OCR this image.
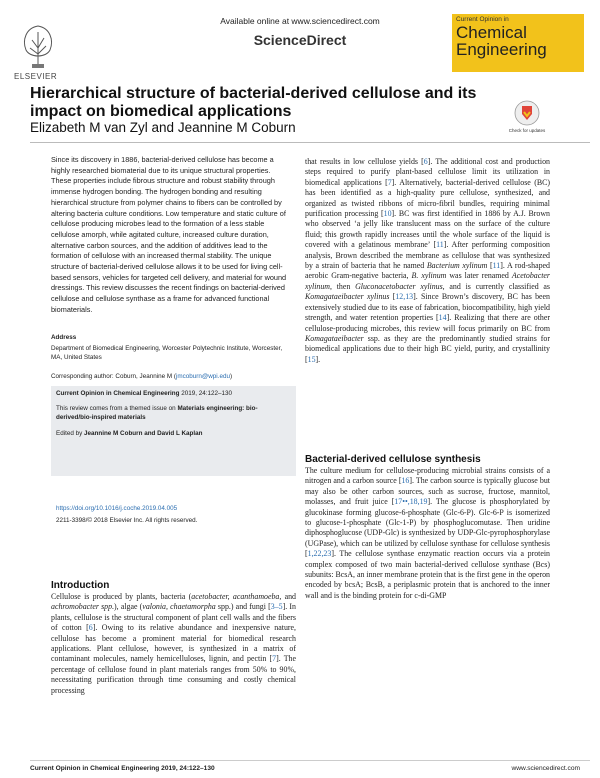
ELSEVIER
Available online at www.sciencedirect.com
ScienceDirect
Current Opinion in
Chemical
Engineering
Hierarchical structure of bacterial-derived cellulose and its impact on biomedical applications
Elizabeth M van Zyl and Jeannine M Coburn	Check for updates
Since its discovery in 1886, bacterial-derived cellulose has become a highly researched biomaterial due to its unique structural properties. These properties include fibrous structure and robust stability through immense hydrogen bonding. The hydrogen bonding and resulting hierarchical structure from polymer chains to fibers can be controlled by altering bacteria culture conditions. Low temperature and static culture of cellulose producing microbes lead to the formation of a less stable cellulose amorph, while agitated culture, increased culture duration, alternative carbon sources, and the addition of additives lead to the formation of cellulose with an increased thermal stability. The unique structure of bacterial-derived cellulose allows it to be used for living cell-based sensors, vehicles for targeted cell delivery, and material for wound dressings. This review discusses the recent findings on bacterial-derived cellulose and cellulose synthase as a frame for advanced functional biomaterials.
Address
Department of Biomedical Engineering, Worcester Polytechnic Institute, Worcester, MA, United States
Corresponding author: Coburn, Jeannine M (jmcoburn@wpi.edu)
Current Opinion in Chemical Engineering 2019, 24:122–130
This review comes from a themed issue on Materials engineering: bio-derived/bio-inspired materials
Edited by Jeannine M Coburn and David L Kaplan
https://doi.org/10.1016/j.coche.2019.04.005
2211-3398/© 2018 Elsevier Inc. All rights reserved.
Introduction
Cellulose is produced by plants, bacteria (acetobacter, acanthamoeba, and achromobacter spp.), algae (valonia, chaetamorpha spp.) and fungi [3–5]. In plants, cellulose is the structural component of plant cell walls and the fibers of cotton [6]. Owing to its relative abundance and inexpensive nature, cellulose has become a prominent material for biomedical research applications. Plant cellulose, however, is synthesized in a matrix of contaminant molecules, namely hemicelluloses, lignin, and pectin [7]. The percentage of cellulose found in plant materials ranges from 50% to 90%, necessitating purification through time consuming and costly chemical processing
that results in low cellulose yields [6]. The additional cost and production steps required to purify plant-based cellulose limit its utilization in biomedical applications [7]. Alternatively, bacterial-derived cellulose (BC) has been identified as a high-quality pure cellulose, synthesized, and organized as twisted ribbons of micro-fibril bundles, requiring minimal purification processing [10]. BC was first identified in 1886 by A.J. Brown who observed ‘a jelly like translucent mass on the surface of the culture fluid; this growth rapidly increases until the whole surface of the liquid is covered with a gelatinous membrane’ [11]. After performing composition analysis, Brown described the membrane as cellulose that was synthesized by a strain of bacteria that he named Bacterium xylinum [11]. A rod-shaped aerobic Gram-negative bacteria, B. xylinum was later renamed Acetobacter xylinum, then Gluconacetobacter xylinus, and is currently classified as Komagataeibacter xylinus [12,13]. Since Brown’s discovery, BC has been extensively studied due to its ease of fabrication, biocompatibility, high yield strength, and water retention properties [14]. Realizing that there are other cellulose-producing microbes, this review will focus primarily on BC from Komagataeibacter ssp. as they are the predominantly studied strains for biomedical applications due to their high BC yield, purity, and crystallinity [15].
Bacterial-derived cellulose synthesis
The culture medium for cellulose-producing microbial strains consists of a nitrogen and a carbon source [16]. The carbon source is typically glucose but may also be other carbon sources, such as sucrose, fructose, mannitol, molasses, and fruit juice [17••,18,19]. The glucose is phosphorylated by glucokinase forming glucose-6-phosphate (Glc-6-P). Glc-6-P is isomerized to glucose-1-phosphate (Glc-1-P) by phosphoglucomutase. Then uridine diphosphoglucose (UDP-Glc) is synthesized by UDP-Glc-pyrophosphorylase (UGPase), which can be utilized by cellulose synthase for cellulose synthesis [1,22,23]. The cellulose synthase enzymatic reaction occurs via a protein complex composed of two main bacterial-derived cellulose synthase (Bcs) subunits: BcsA, an inner membrane protein that is the first gene in the operon encoded by bcsA; BcsB, a periplasmic protein that is anchored to the inner wall and is the binding protein for c-di-GMP
Current Opinion in Chemical Engineering 2019, 24:122–130	www.sciencedirect.com
